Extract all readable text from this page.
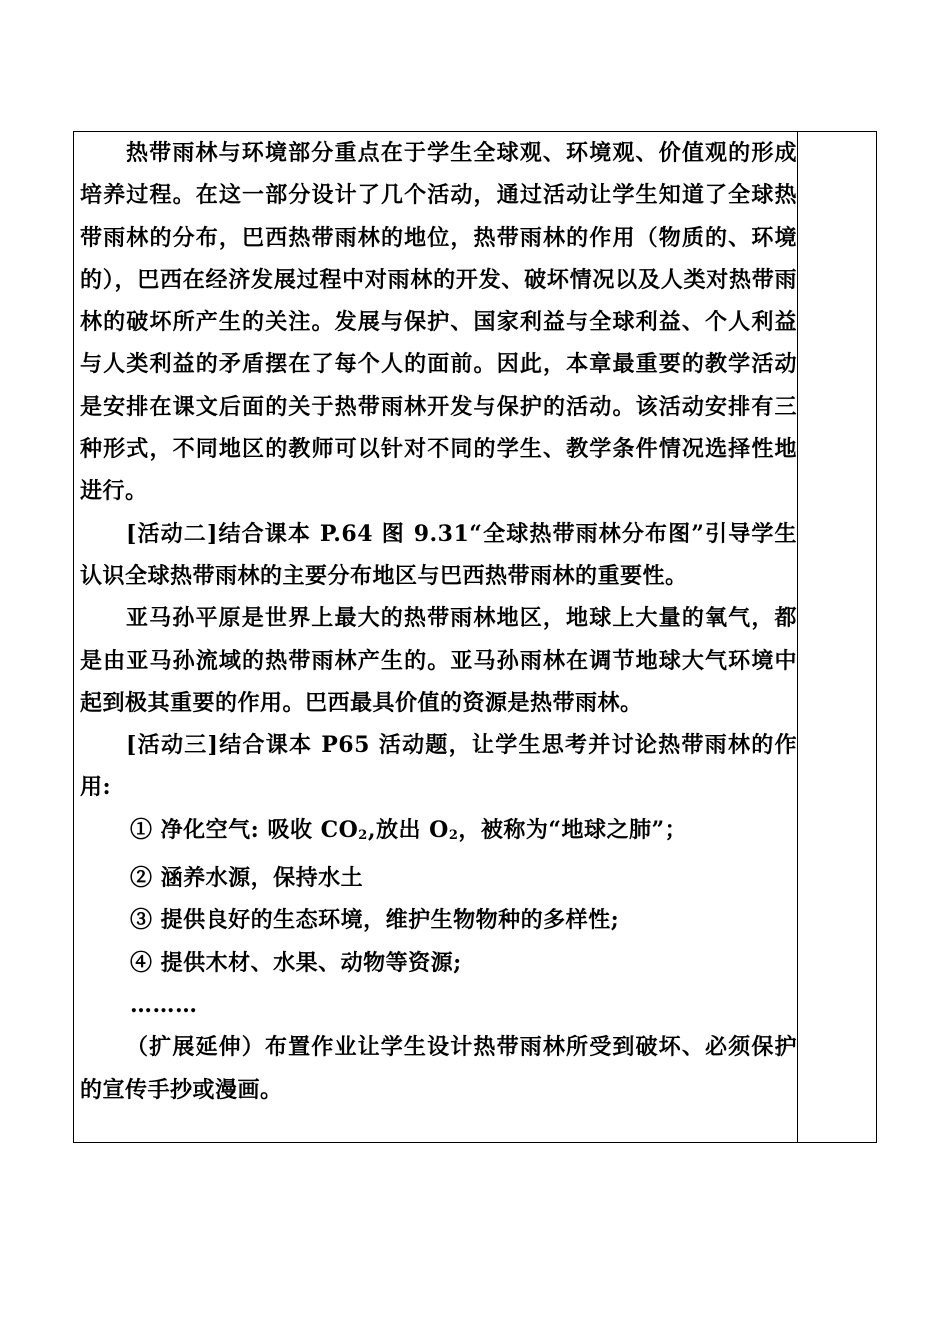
热带雨林与环境部分重点在于学生全球观、环境观、价值观的形成培养过程。在这一部分设计了几个活动，通过活动让学生知道了全球热带雨林的分布，巴西热带雨林的地位，热带雨林的作用（物质的、环境的），巴西在经济发展过程中对雨林的开发、破坏情况以及人类对热带雨林的破坏所产生的关注。发展与保护、国家利益与全球利益、个人利益与人类利益的矛盾摆在了每个人的面前。因此，本章最重要的教学活动是安排在课文后面的关于热带雨林开发与保护的活动。该活动安排有三种形式，不同地区的教师可以针对不同的学生、教学条件情况选择性地进行。

[活动二]结合课本 P.64 图 9.31“全球热带雨林分布图”引导学生认识全球热带雨林的主要分布地区与巴西热带雨林的重要性。

亚马孙平原是世界上最大的热带雨林地区，地球上大量的氧气，都是由亚马孙流域的热带雨林产生的。亚马孙雨林在调节地球大气环境中起到极其重要的作用。巴西最具价值的资源是热带雨林。

[活动三]结合课本 P65 活动题，让学生思考并讨论热带雨林的作用:

① 净化空气: 吸收 $CO_2$,放出 $O_2$，被称为“地球之肺”；

② 涵养水源，保持水土

③ 提供良好的生态环境，维护生物物种的多样性;

④ 提供木材、水果、动物等资源;

………

（扩展延伸）布置作业让学生设计热带雨林所受到破坏、必须保护的宣传手抄或漫画。
